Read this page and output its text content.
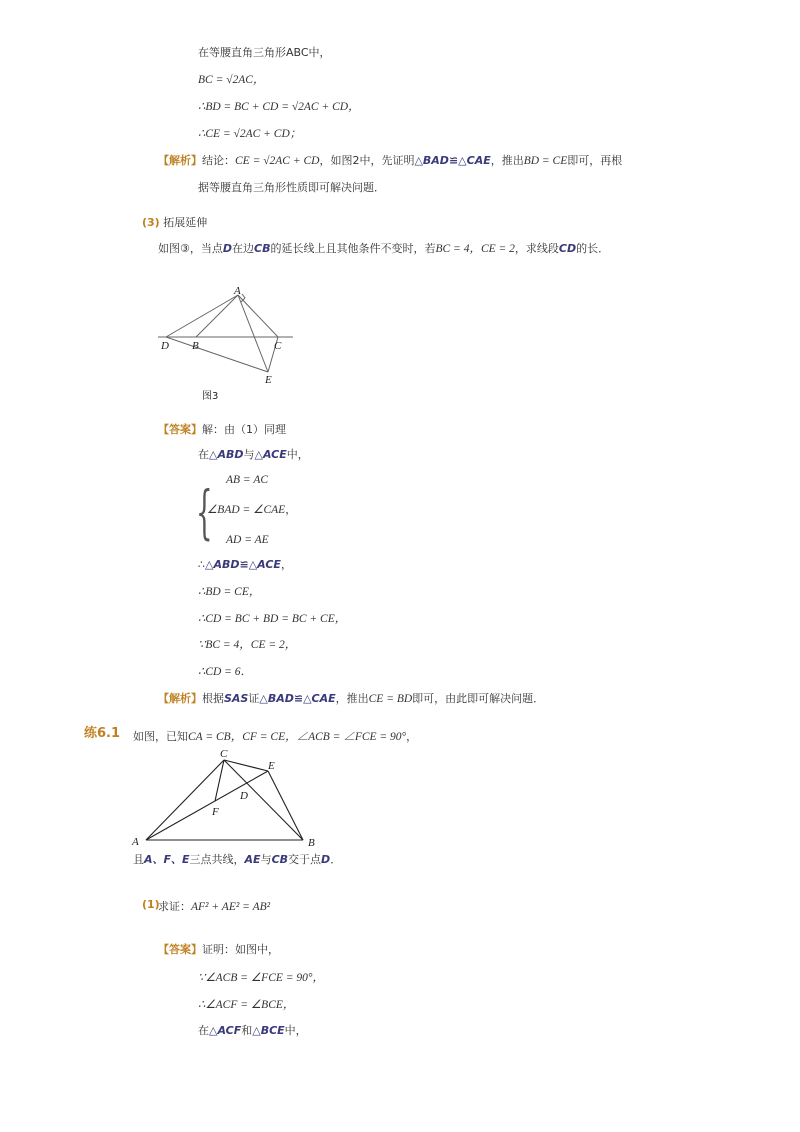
在等腰直角三角形ABC中，
BC = √2AC，
∴BD = BC + CD = √2AC + CD，
∴CE = √2AC + CD；
【解析】结论：CE = √2AC + CD，如图2中，先证明△BAD≌△CAE，推出BD = CE即可，再根
据等腰直角三角形性质即可解决问题．
(3) 拓展延伸
如图③，当点D在边CB的延长线上且其他条件不变时，若BC = 4，CE = 2，求线段CD的长．
A
B	C
D
E
图3
【答案】解：由（1）同理
在△ABD与△ACE中，
{ AB = AC
∠BAD = ∠CAE，
AD = AE
∴△ABD≌△ACE，
∴BD = CE，
∴CD = BC + BD = BC + CE，
∵BC = 4，CE = 2，
∴CD = 6．
【解析】根据SAS证△BAD≌△CAE，推出CE = BD即可，由此即可解决问题．
练6.1 如图，已知CA = CB，CF = CE，∠ACB = ∠FCE = 90°，
C
E
D
F
A	B
且A、F、E三点共线，AE与CB交于点D．
(1)
求证：AF² + AE² = AB²
【答案】证明：如图中，
∵∠ACB = ∠FCE = 90°，
∴∠ACF = ∠BCE，
在△ACF和△BCE中，
